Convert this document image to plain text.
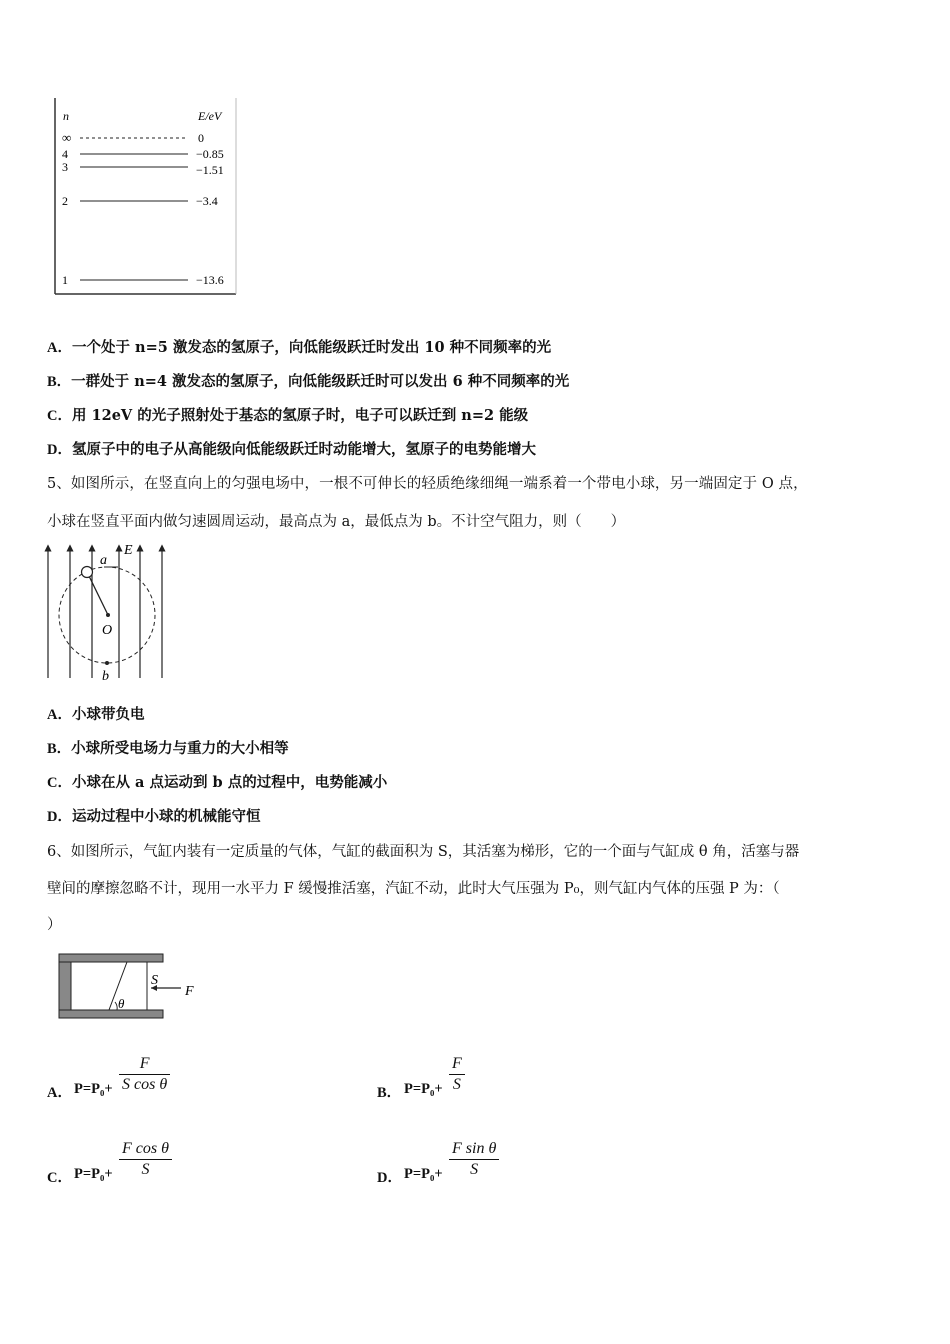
n	E/eV
∞	0
4	−0.85
3	−1.51
2	−3.4
1	−13.6
A．一个处于 n=5 激发态的氢原子，向低能级跃迁时发出 10 种不同频率的光
B．一群处于 n=4 激发态的氢原子，向低能级跃迁时可以发出 6 种不同频率的光
C．用 12eV 的光子照射处于基态的氢原子时，电子可以跃迁到 n=2 能级
D．氢原子中的电子从高能级向低能级跃迁时动能增大，氢原子的电势能增大
5、如图所示，在竖直向上的匀强电场中，一根不可伸长的轻质绝缘细绳一端系着一个带电小球，另一端固定于 O 点，
小球在竖直平面内做匀速圆周运动，最高点为 a，最低点为 b。不计空气阻力，则（　　）
E
a
O
b
A．小球带负电
B．小球所受电场力与重力的大小相等
C．小球在从 a 点运动到 b 点的过程中，电势能减小
D．运动过程中小球的机械能守恒
6、如图所示，气缸内装有一定质量的气体，气缸的截面积为 S，其活塞为梯形，它的一个面与气缸成 θ 角，活塞与器
壁间的摩擦忽略不计，现用一水平力 F 缓慢推活塞，汽缸不动，此时大气压强为 P₀，则气缸内气体的压强 P 为：（
）
S
F
θ
A． P=P₀+
F
S cos θ	B． P=P₀+
F
S
C． P=P₀+
F cos θ
S	D． P=P₀+
F sin θ
S
